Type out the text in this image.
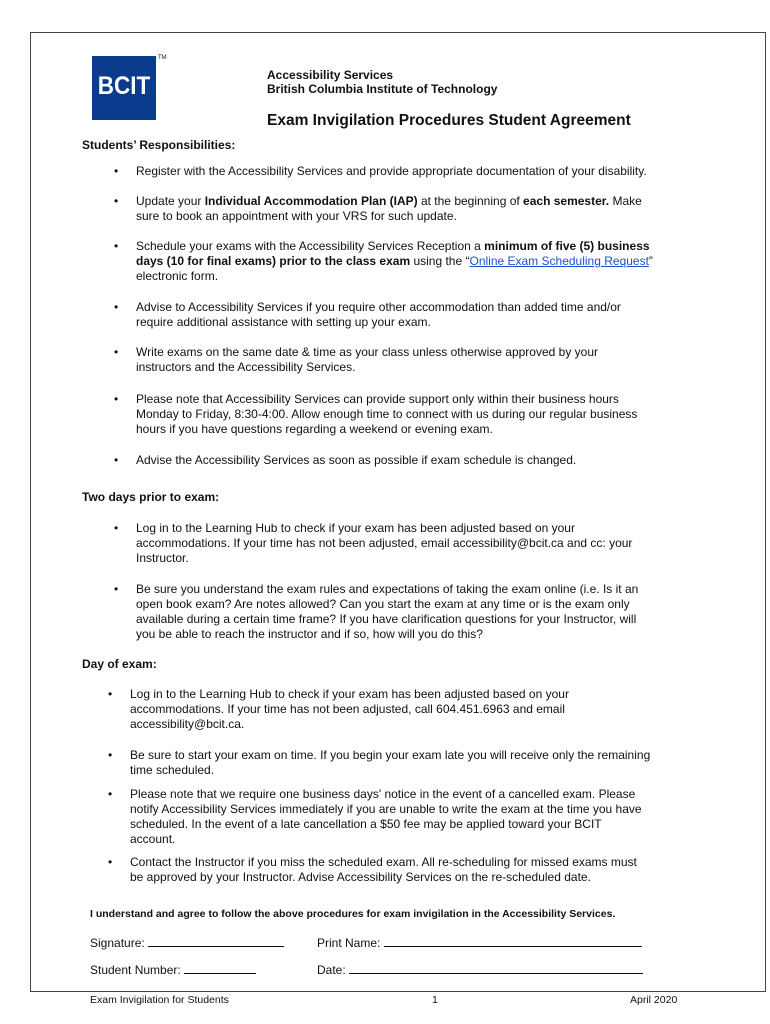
BCIT
TM
Accessibility Services
British Columbia Institute of Technology
Exam Invigilation Procedures Student Agreement
Students’ Responsibilities:
• Register with the Accessibility Services and provide appropriate documentation of your disability.
• Update your Individual Accommodation Plan (IAP) at the beginning of each semester. Make
sure to book an appointment with your VRS for such update.
• Schedule your exams with the Accessibility Services Reception a minimum of five (5) business
days (10 for final exams) prior to the class exam using the “Online Exam Scheduling Request”
electronic form.
• Advise to Accessibility Services if you require other accommodation than added time and/or
require additional assistance with setting up your exam.
• Write exams on the same date & time as your class unless otherwise approved by your
instructors and the Accessibility Services.
• Please note that Accessibility Services can provide support only within their business hours
Monday to Friday, 8:30-4:00. Allow enough time to connect with us during our regular business
hours if you have questions regarding a weekend or evening exam.
• Advise the Accessibility Services as soon as possible if exam schedule is changed.
Two days prior to exam:
• Log in to the Learning Hub to check if your exam has been adjusted based on your
accommodations. If your time has not been adjusted, email accessibility@bcit.ca and cc: your
Instructor.
• Be sure you understand the exam rules and expectations of taking the exam online (i.e. Is it an
open book exam? Are notes allowed? Can you start the exam at any time or is the exam only
available during a certain time frame? If you have clarification questions for your Instructor, will
you be able to reach the instructor and if so, how will you do this?
Day of exam:
• Log in to the Learning Hub to check if your exam has been adjusted based on your
accommodations. If your time has not been adjusted, call 604.451.6963 and email
accessibility@bcit.ca.
• Be sure to start your exam on time. If you begin your exam late you will receive only the remaining
time scheduled.
• Please note that we require one business days' notice in the event of a cancelled exam. Please
notify Accessibility Services immediately if you are unable to write the exam at the time you have
scheduled. In the event of a late cancellation a $50 fee may be applied toward your BCIT
account.
• Contact the Instructor if you miss the scheduled exam. All re-scheduling for missed exams must
be approved by your Instructor. Advise Accessibility Services on the re-scheduled date.
I understand and agree to follow the above procedures for exam invigilation in the Accessibility Services.
Signature:	Print Name:
Student Number:	Date:
Exam Invigilation for Students	1	April 2020
